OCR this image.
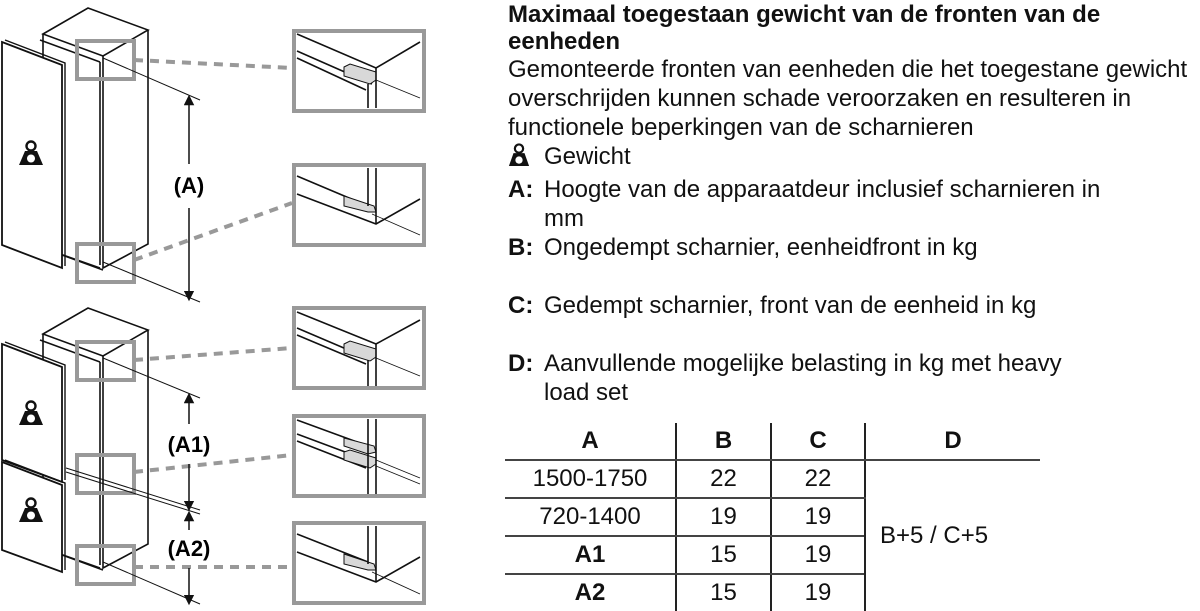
(A)
(A1)
(A2)
Maximaal toegestaan gewicht van de fronten van de eenheden

Gemonteerde fronten van eenheden die het toegestane gewicht overschrijden kunnen schade veroorzaken en resulteren in functionele beperkingen van de scharnieren

Gewicht
A: Hoogte van de apparaatdeur inclusief scharnieren in
mm
B: Ongedempt scharnier, eenheidfront in kg
C: Gedempt scharnier, front van de eenheid in kg
D: Aanvullende mogelijke belasting in kg met heavy
load set
A	B	C	D
1500-1750	22	22	B+5 / C+5
720-1400	19	19	
A1	15	19	
A2	15	19	
